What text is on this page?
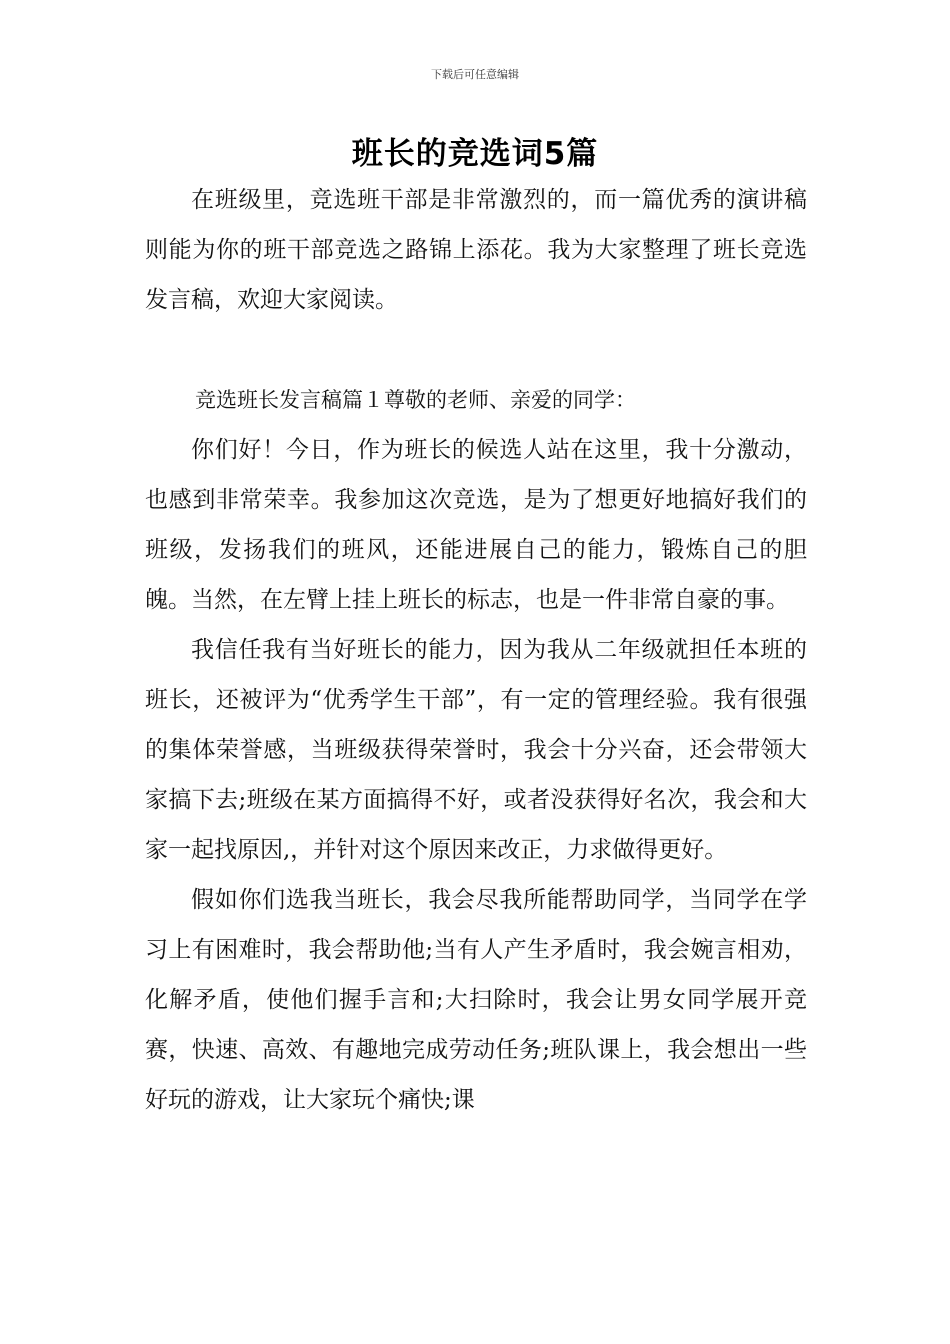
下载后可任意编辑
班长的竞选词5篇

在班级里，竞选班干部是非常激烈的，而一篇优秀的演讲稿则能为你的班干部竞选之路锦上添花。我为大家整理了班长竞选发言稿，欢迎大家阅读。

竞选班长发言稿篇１尊敬的老师、亲爱的同学：

你们好！今日，作为班长的候选人站在这里，我十分激动，也感到非常荣幸。我参加这次竞选，是为了想更好地搞好我们的班级，发扬我们的班风，还能进展自己的能力，锻炼自己的胆魄。当然，在左臂上挂上班长的标志，也是一件非常自豪的事。

我信任我有当好班长的能力，因为我从二年级就担任本班的班长，还被评为“优秀学生干部”，有一定的管理经验。我有很强的集体荣誉感，当班级获得荣誉时，我会十分兴奋，还会带领大家搞下去;班级在某方面搞得不好，或者没获得好名次，我会和大家一起找原因,，并针对这个原因来改正，力求做得更好。

假如你们选我当班长，我会尽我所能帮助同学，当同学在学习上有困难时，我会帮助他;当有人产生矛盾时，我会婉言相劝，化解矛盾，使他们握手言和;大扫除时，我会让男女同学展开竞赛，快速、高效、有趣地完成劳动任务;班队课上，我会想出一些好玩的游戏，让大家玩个痛快;课
